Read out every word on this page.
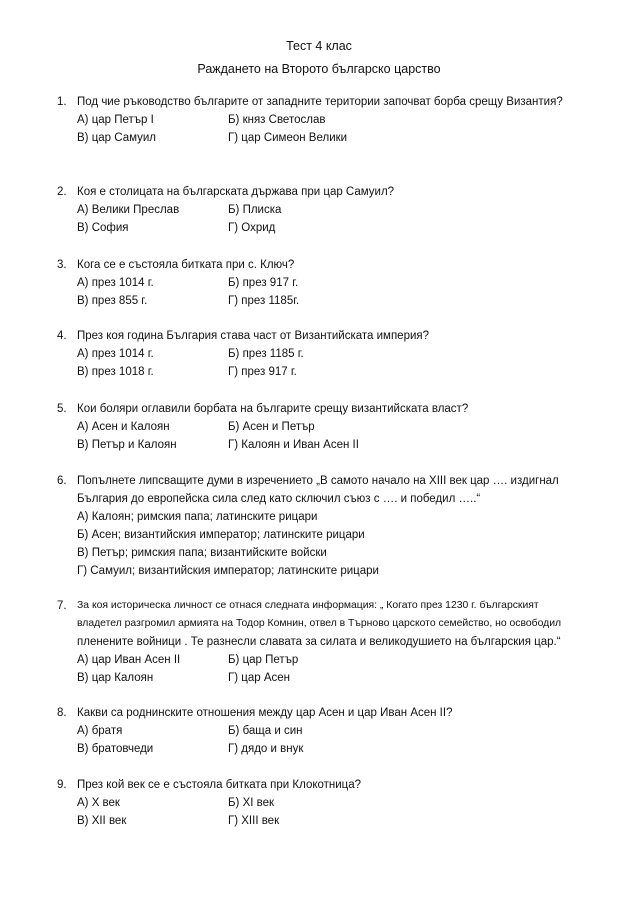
Тест 4 клас
Раждането на Второто българско царство
1. Под чие ръководство българите от западните територии започват борба срещу Византия?
А) цар Петър I	Б) княз Светослав
В) цар Самуил	Г) цар Симеон Велики
2. Коя е столицата на българската държава при цар Самуил?
А) Велики Преслав	Б) Плиска
В) София	Г) Охрид
3. Кога се е състояла битката при с. Ключ?
А) през 1014 г.	Б) през 917 г.
В) през 855 г.	Г) през 1185г.
4. През коя година България става част от Византийската империя?
А) през 1014 г.	Б) през 1185 г.
В) през 1018 г.	Г) през 917 г.
5. Кои боляри оглавили борбата на българите срещу византийската власт?
А) Асен и Калоян	Б) Асен и Петър
В) Петър и Калоян	Г) Калоян и Иван Асен II
6. Попълнете липсващите думи в изречението „В самото начало на XIII век цар …. издигнал
България до европейска сила след като сключил съюз с …. и победил …..“
А) Калоян; римския папа; латинските рицари
Б) Асен; византийския император; латинските рицари
В) Петър; римския папа; византийските войски
Г) Самуил; византийския император; латинските рицари
7. За коя историческа личност се отнася следната информация: „ Когато през 1230 г. българският
владетел разгромил армията на Тодор Комнин, отвел в Търново царското семейство, но освободил
пленените войници . Те разнесли славата за силата и великодушието на българския цар.“
А) цар Иван Асен II	Б) цар Петър
В) цар Калоян	Г) цар Асен
8. Какви са роднинските отношения между цар Асен и цар Иван Асен II?
А) братя	Б) баща и син
В) братовчеди	Г) дядо и внук
9. През кой век се е състояла битката при Клокотница?
А) X век	Б) XI век
В) XII век	Г) XIII век
